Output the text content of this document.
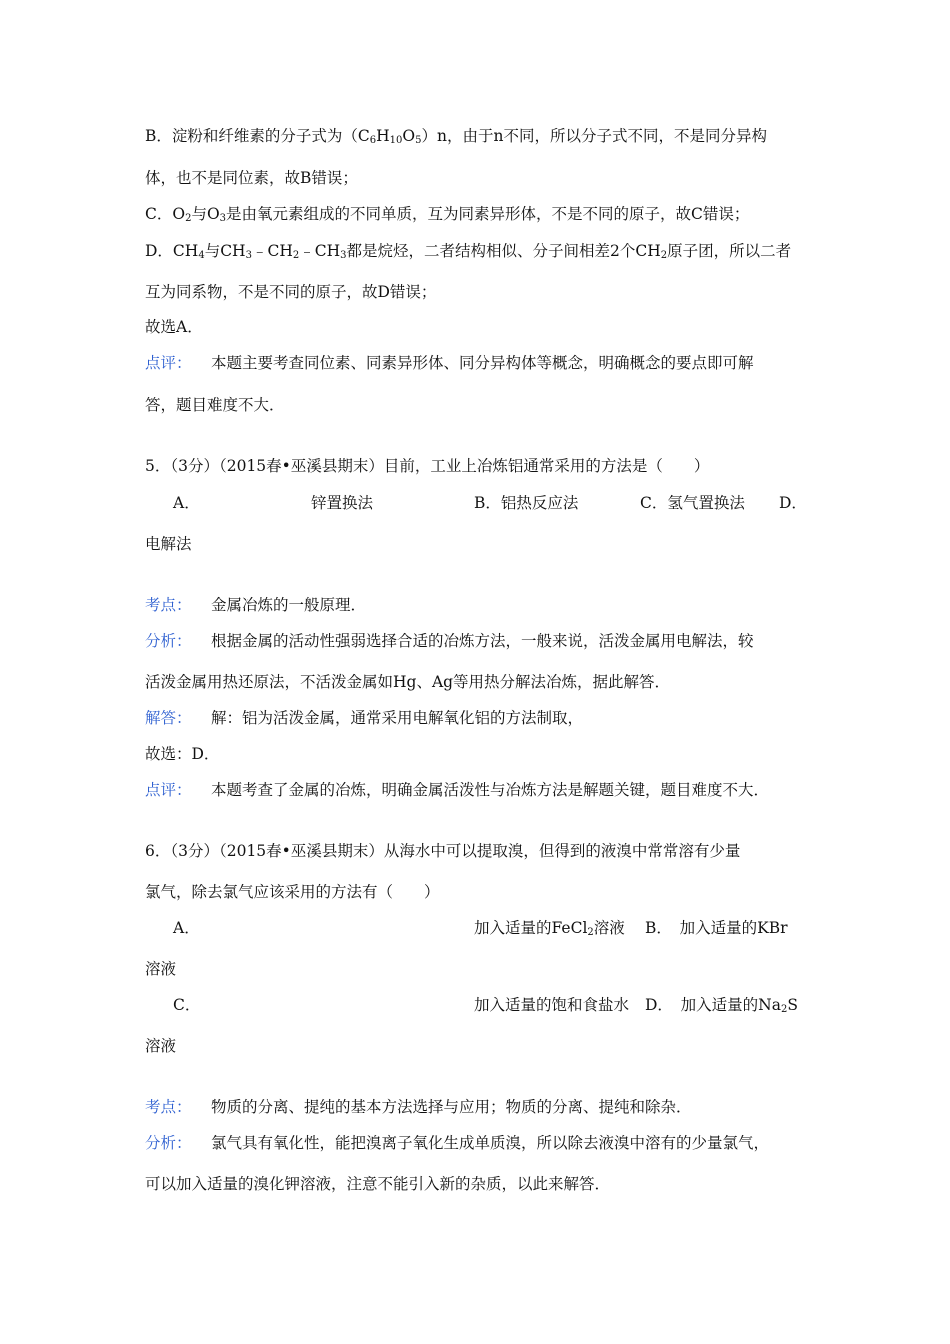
B．淀粉和纤维素的分子式为$(C_6H_{10}O_5)n$，由于n不同，所以分子式不同，不是同分异构
体，也不是同位素，故B错误；
C．$O_2$与$O_3$是由氧元素组成的不同单质，互为同素异形体，不是不同的原子，故C错误；
D．$CH_4$与$CH_3﹣CH_2﹣CH_3$都是烷烃，二者结构相似、分子间相差2个$CH_2$原子团，所以二者
互为同系物，不是不同的原子，故D错误；
故选A．
点评： 本题主要考查同位素、同素异形体、同分异构体等概念，明确概念的要点即可解
答，题目难度不大．
5．（3分）（2015春•巫溪县期末）目前，工业上冶炼铝通常采用的方法是（　　）
A．	锌置换法	B．铝热反应法	C．氢气置换法 D．
电解法
考点： 金属冶炼的一般原理．
分析： 根据金属的活动性强弱选择合适的冶炼方法，一般来说，活泼金属用电解法，较
活泼金属用热还原法，不活泼金属如Hg、Ag等用热分解法冶炼，据此解答．
解答： 解：铝为活泼金属，通常采用电解氧化铝的方法制取，
故选：D．
点评： 本题考查了金属的冶炼，明确金属活泼性与冶炼方法是解题关键，题目难度不大．
6．（3分）（2015春•巫溪县期末）从海水中可以提取溴，但得到的液溴中常常溶有少量
氯气，除去氯气应该采用的方法有（　　）
A．	加入适量的FeCl$_2$溶液 B．　加入适量的KBr
溶液
C．	加入适量的饱和食盐水 D．　加入适量的$Na_2S$
溶液
考点： 物质的分离、提纯的基本方法选择与应用；物质的分离、提纯和除杂．
分析： 氯气具有氧化性，能把溴离子氧化生成单质溴，所以除去液溴中溶有的少量氯气，
可以加入适量的溴化钾溶液，注意不能引入新的杂质，以此来解答．
